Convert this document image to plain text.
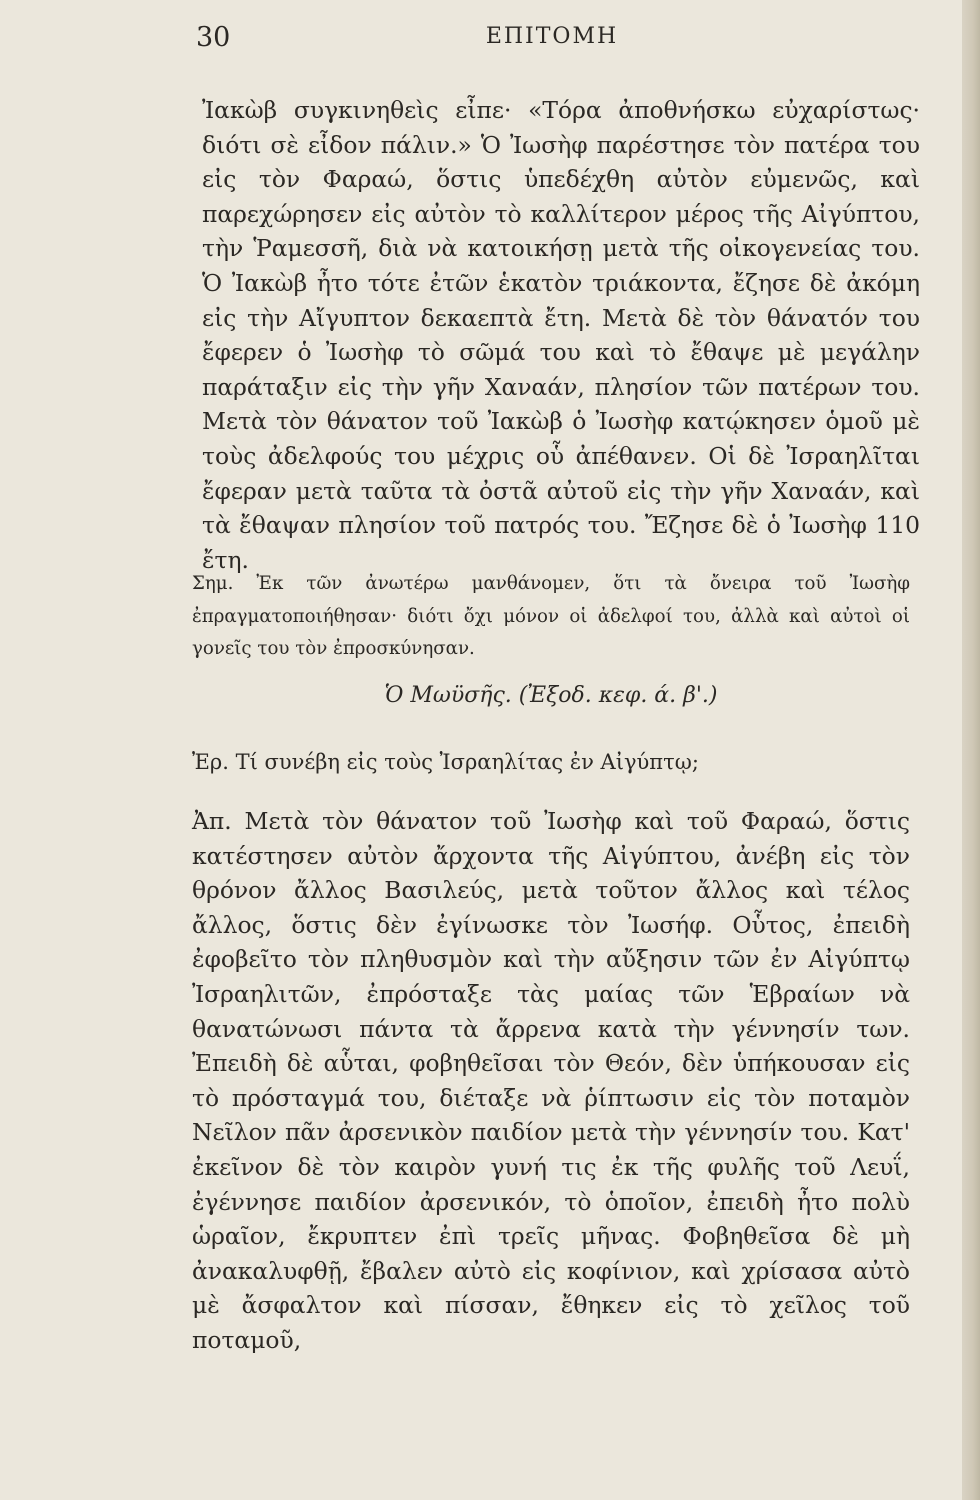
30	ΕΠΙΤΟΜΗ

Ἰακὼβ συγκινηθεὶς εἶπε· «Τόρα ἀποθνήσκω εὐχαρίστως· διότι σὲ εἶδον πάλιν.» Ὁ Ἰωσὴφ παρέστησε τὸν πατέρα του εἰς τὸν Φαραώ, ὅστις ὑπεδέχθη αὐτὸν εὐμενῶς, καὶ παρεχώρησεν εἰς αὐτὸν τὸ καλλίτερον μέρος τῆς Αἰγύπτου, τὴν Ῥαμεσσῆ, διὰ νὰ κατοικήσῃ μετὰ τῆς οἰκογενείας του. Ὁ Ἰακὼβ ἦτο τότε ἐτῶν ἑκατὸν τριάκοντα, ἔζησε δὲ ἀκόμη εἰς τὴν Αἴγυπτον δεκαεπτὰ ἔτη. Μετὰ δὲ τὸν θάνατόν του ἔφερεν ὁ Ἰωσὴφ τὸ σῶμά του καὶ τὸ ἔθαψε μὲ μεγάλην παράταξιν εἰς τὴν γῆν Χαναάν, πλησίον τῶν πατέρων του. Μετὰ τὸν θάνατον τοῦ Ἰακὼβ ὁ Ἰωσὴφ κατῴκησεν ὁμοῦ μὲ τοὺς ἀδελφούς του μέχρις οὗ ἀπέθανεν. Οἱ δὲ Ἰσραηλῖται ἔφεραν μετὰ ταῦτα τὰ ὀστᾶ αὐτοῦ εἰς τὴν γῆν Χαναάν, καὶ τὰ ἔθαψαν πλησίον τοῦ πατρός του. Ἔζησε δὲ ὁ Ἰωσὴφ 110 ἔτη.

Σημ. Ἐκ τῶν ἀνωτέρω μανθάνομεν, ὅτι τὰ ὄνειρα τοῦ Ἰωσὴφ ἐπραγματοποιήθησαν· διότι ὄχι μόνον οἱ ἀδελφοί του, ἀλλὰ καὶ αὐτοὶ οἱ γονεῖς του τὸν ἐπροσκύνησαν.

Ὁ Μωϋσῆς. (Ἐξοδ. κεφ. ά. β'.)

Ἐρ. Τί συνέβη εἰς τοὺς Ἰσραηλίτας ἐν Αἰγύπτῳ;

Ἀπ. Μετὰ τὸν θάνατον τοῦ Ἰωσὴφ καὶ τοῦ Φαραώ, ὅστις κατέστησεν αὐτὸν ἄρχοντα τῆς Αἰγύπτου, ἀνέβη εἰς τὸν θρόνον ἄλλος Βασιλεύς, μετὰ τοῦτον ἄλλος καὶ τέλος ἄλλος, ὅστις δὲν ἐγίνωσκε τὸν Ἰωσήφ. Οὗτος, ἐπειδὴ ἐφοβεῖτο τὸν πληθυσμὸν καὶ τὴν αὔξησιν τῶν ἐν Αἰγύπτῳ Ἰσραηλιτῶν, ἐπρόσταξε τὰς μαίας τῶν Ἑβραίων νὰ θανατώνωσι πάντα τὰ ἄρρενα κατὰ τὴν γέννησίν των. Ἐπειδὴ δὲ αὗται, φοβηθεῖσαι τὸν Θεόν, δὲν ὑπήκουσαν εἰς τὸ πρόσταγμά του, διέταξε νὰ ῥίπτωσιν εἰς τὸν ποταμὸν Νεῖλον πᾶν ἀρσενικὸν παιδίον μετὰ τὴν γέννησίν του. Κατ' ἐκεῖνον δὲ τὸν καιρὸν γυνή τις ἐκ τῆς φυλῆς τοῦ Λευΐ, ἐγέννησε παιδίον ἀρσενικόν, τὸ ὁποῖον, ἐπειδὴ ἦτο πολὺ ὡραῖον, ἔκρυπτεν ἐπὶ τρεῖς μῆνας. Φοβηθεῖσα δὲ μὴ ἀνακαλυφθῇ, ἔβαλεν αὐτὸ εἰς κοφίνιον, καὶ χρίσασα αὐτὸ μὲ ἄσφαλτον καὶ πίσσαν, ἔθηκεν εἰς τὸ χεῖλος τοῦ ποταμοῦ,
